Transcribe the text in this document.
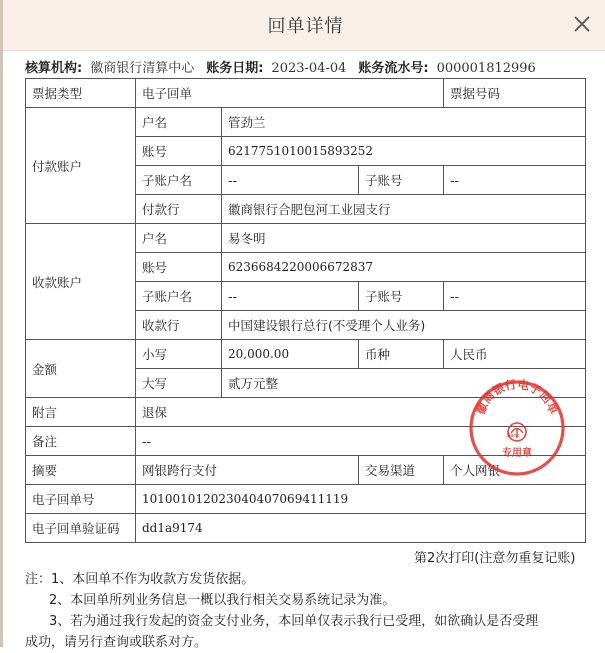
回单详情
核算机构: 徽商银行清算中心 账务日期: 2023-04-04 账务流水号: 000001812996
票据类型	电子回单			票据号码
付款账户	户名	管劲兰		
	账号	6217751010015893252		
	子账户名	--	子账号	--
	付款行	徽商银行合肥包河工业园支行		
收款账户	户名	易冬明		
	账号	6236684220006672837		
	子账户名	--	子账号	--
	收款行	中国建设银行总行(不受理个人业务)		
金额	小写	20,000.00	币种	人民币
	大写	贰万元整		
附言	退保			
备注	--			
摘要	网银跨行支付		交易渠道	个人网银
电子回单号	101001012023040407069411119			
电子回单验证码	dd1a9174			
徽商银行电子回单
Bank
专用章
第2次打印(注意勿重复记账)
注：1、本回单不作为收款方发货依据。
2、本回单所列业务信息一概以我行相关交易系统记录为准。
3、若为通过我行发起的资金支付业务，本回单仅表示我行已受理，如欲确认是否受理
成功，请另行查询或联系对方。
